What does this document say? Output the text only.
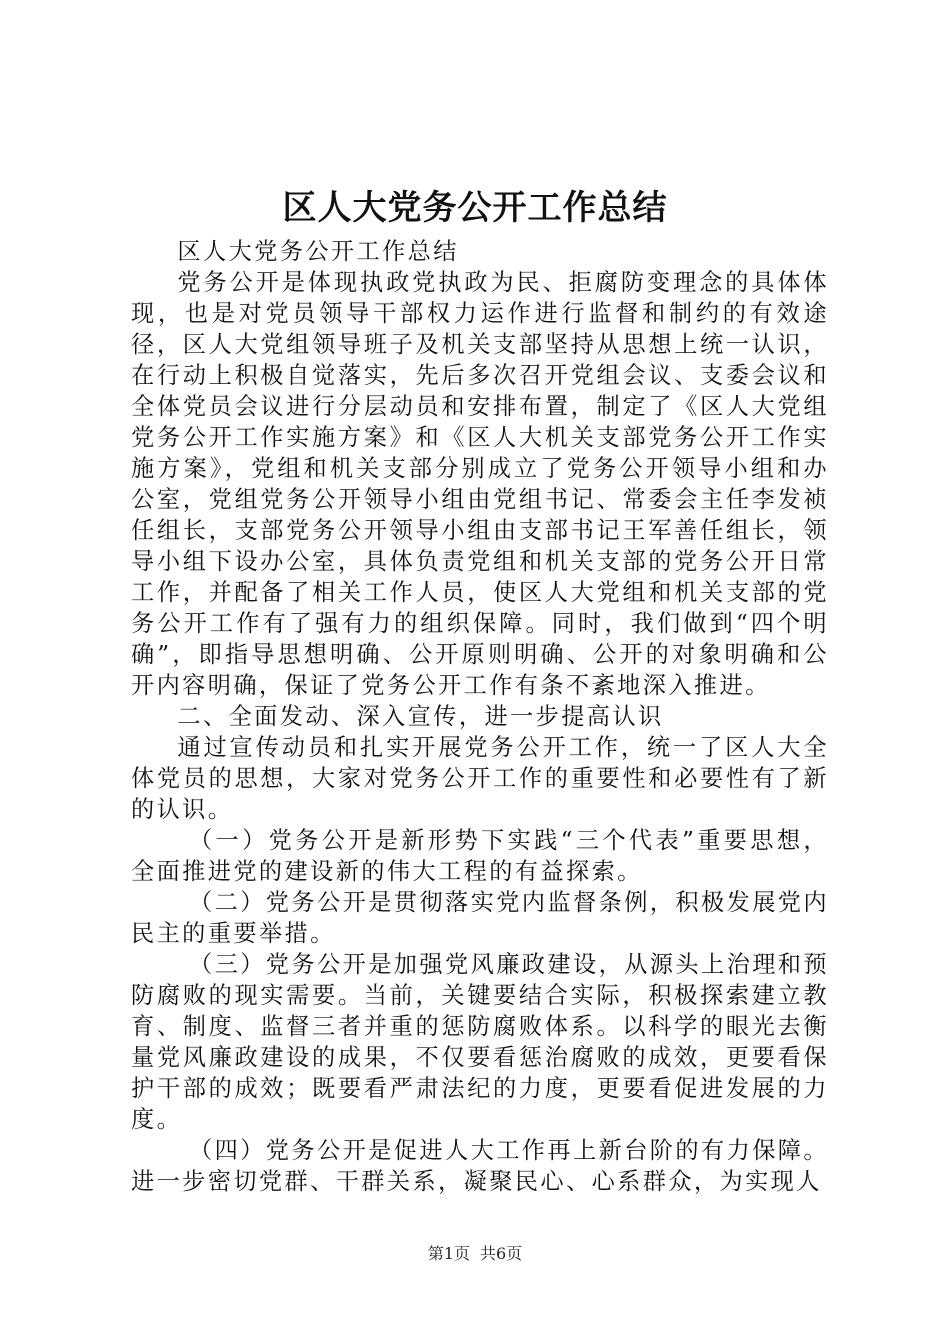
区人大党务公开工作总结

区人大党务公开工作总结

党务公开是体现执政党执政为民、拒腐防变理念的具体体现，也是对党员领导干部权力运作进行监督和制约的有效途径，区人大党组领导班子及机关支部坚持从思想上统一认识，在行动上积极自觉落实，先后多次召开党组会议、支委会议和全体党员会议进行分层动员和安排布置，制定了《区人大党组党务公开工作实施方案》和《区人大机关支部党务公开工作实施方案》，党组和机关支部分别成立了党务公开领导小组和办公室，党组党务公开领导小组由党组书记、常委会主任李发祯任组长，支部党务公开领导小组由支部书记王军善任组长，领导小组下设办公室，具体负责党组和机关支部的党务公开日常工作，并配备了相关工作人员，使区人大党组和机关支部的党务公开工作有了强有力的组织保障。同时，我们做到“四个明确”，即指导思想明确、公开原则明确、公开的对象明确和公开内容明确，保证了党务公开工作有条不紊地深入推进。

二、全面发动、深入宣传，进一步提高认识

通过宣传动员和扎实开展党务公开工作，统一了区人大全体党员的思想，大家对党务公开工作的重要性和必要性有了新的认识。

（一）党务公开是新形势下实践“三个代表”重要思想，全面推进党的建设新的伟大工程的有益探索。

（二）党务公开是贯彻落实党内监督条例，积极发展党内民主的重要举措。

（三）党务公开是加强党风廉政建设，从源头上治理和预防腐败的现实需要。当前，关键要结合实际，积极探索建立教育、制度、监督三者并重的惩防腐败体系。以科学的眼光去衡量党风廉政建设的成果，不仅要看惩治腐败的成效，更要看保护干部的成效；既要看严肃法纪的力度，更要看促进发展的力度。

（四）党务公开是促进人大工作再上新台阶的有力保障。进一步密切党群、干群关系，凝聚民心、心系群众，为实现人

第1页 共6页
